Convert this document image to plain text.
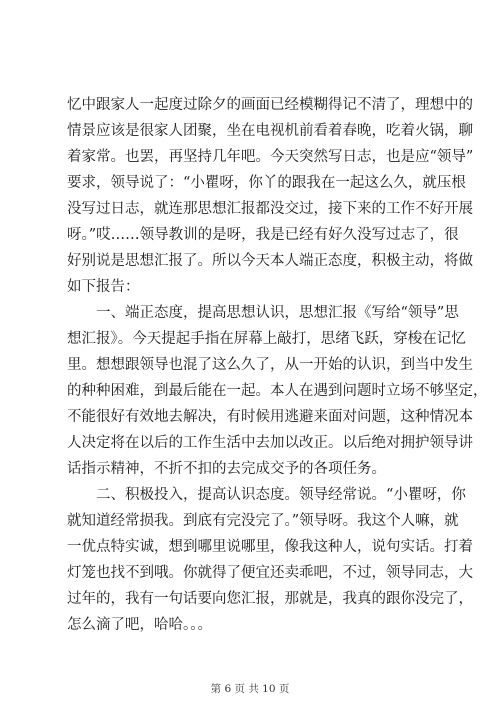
忆中跟家人一起度过除夕的画面已经模糊得记不清了，理想中的
情景应该是很家人团聚，坐在电视机前看着春晚，吃着火锅，聊
着家常。也罢，再坚持几年吧。今天突然写日志，也是应“领导”
要求，领导说了：“小瞿呀，你丫的跟我在一起这么久，就压根
没写过日志，就连那思想汇报都没交过，接下来的工作不好开展
呀。”哎……领导教训的是呀，我是已经有好久没写过志了，很
好别说是思想汇报了。所以今天本人端正态度，积极主动，将做
如下报告：
一、端正态度，提高思想认识，思想汇报《写给“领导”思
想汇报》。今天提起手指在屏幕上敲打，思绪飞跃，穿梭在记忆
里。想想跟领导也混了这么久了，从一开始的认识，到当中发生
的种种困难，到最后能在一起。本人在遇到问题时立场不够坚定，
不能很好有效地去解决，有时候用逃避来面对问题，这种情况本
人决定将在以后的工作生活中去加以改正。以后绝对拥护领导讲
话指示精神，不折不扣的去完成交予的各项任务。
二、积极投入，提高认识态度。领导经常说。“小瞿呀，你
就知道经常损我。到底有完没完了。”领导呀。我这个人嘛，就
一优点特实诚，想到哪里说哪里，像我这种人，说句实话。打着
灯笼也找不到哦。你就得了便宜还卖乖吧，不过，领导同志，大
过年的，我有一句话要向您汇报，那就是，我真的跟你没完了，
怎么滴了吧，哈哈。。。
第 6 页 共 10 页
